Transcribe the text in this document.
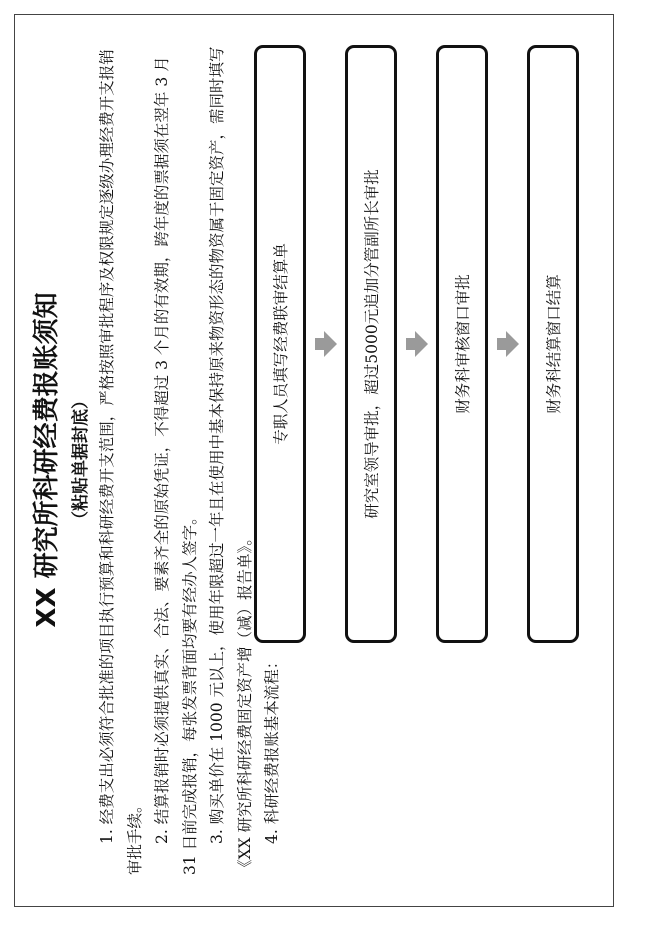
XX 研究所科研经费报账须知 （粘贴单据封底） 1. 经费支出必须符合批准的项目执行预算和科研经费开支范围，严格按照审批程序及权限规定逐级办理经费开支报销审批手续。 2. 结算报销时必须提供真实、合法、要素齐全的原始凭证，不得超过 3 个月的有效期，跨年度的票据须在翌年 3 月 31 日前完成报销，每张发票背面均要有经办人签字。 3. 购买单价在 1000 元以上，使用年限超过一年且在使用中基本保持原来物资形态的物资属于固定资产，需同时填写《XX 研究所科研经费固定资产增（减）报告单》。 4. 科研经费报账基本流程：

专职人员填写经费联审结算单	研究室领导审批，超过5000元追加分管副所长审批	财务科审核窗口审批	财务科结算窗口结算
